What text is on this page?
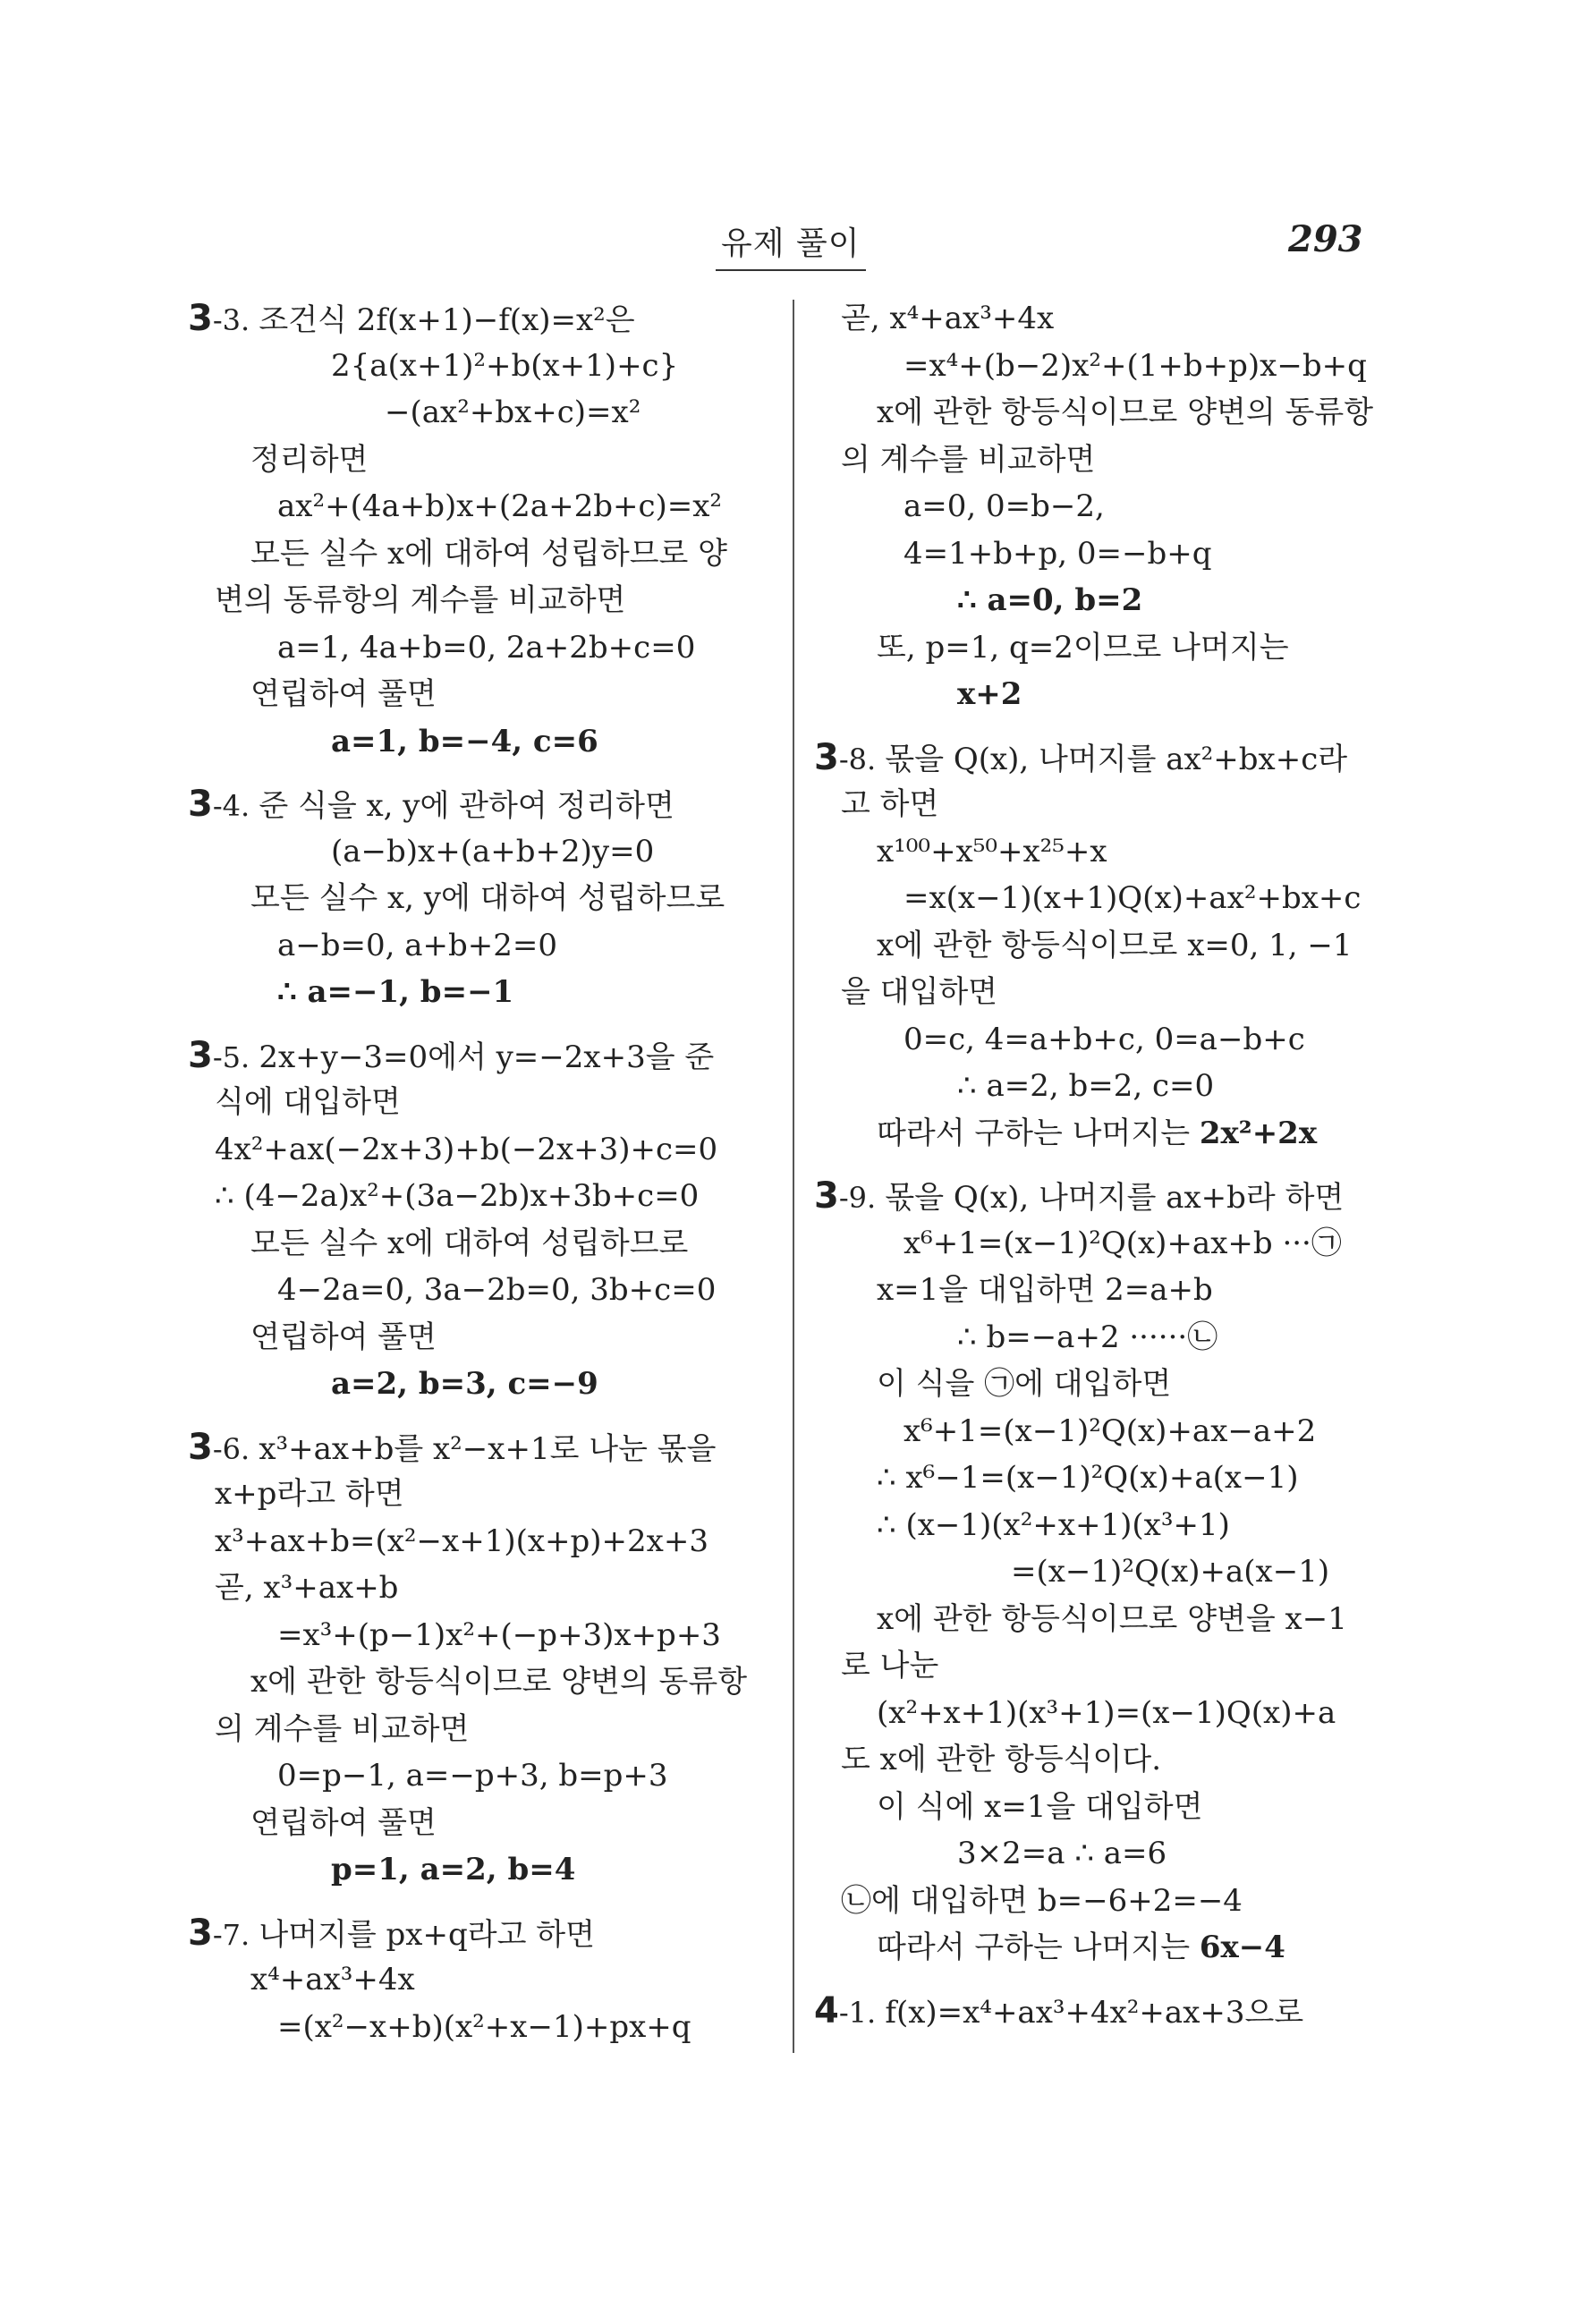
유제 풀이	293
3-3. 조건식 2f(x+1)−f(x)=x²은
2{a(x+1)²+b(x+1)+c}
−(ax²+bx+c)=x²
정리하면
ax²+(4a+b)x+(2a+2b+c)=x²
모든 실수 x에 대하여 성립하므로 양
변의 동류항의 계수를 비교하면
a=1, 4a+b=0, 2a+2b+c=0
연립하여 풀면
a=1, b=−4, c=6
3-4. 준 식을 x, y에 관하여 정리하면
(a−b)x+(a+b+2)y=0
모든 실수 x, y에 대하여 성립하므로
a−b=0, a+b+2=0
∴ a=−1, b=−1
3-5. 2x+y−3=0에서 y=−2x+3을 준
식에 대입하면
4x²+ax(−2x+3)+b(−2x+3)+c=0
∴ (4−2a)x²+(3a−2b)x+3b+c=0
모든 실수 x에 대하여 성립하므로
4−2a=0, 3a−2b=0, 3b+c=0
연립하여 풀면
a=2, b=3, c=−9
3-6. x³+ax+b를 x²−x+1로 나눈 몫을
x+p라고 하면
x³+ax+b=(x²−x+1)(x+p)+2x+3
곧, x³+ax+b
=x³+(p−1)x²+(−p+3)x+p+3
x에 관한 항등식이므로 양변의 동류항
의 계수를 비교하면
0=p−1, a=−p+3, b=p+3
연립하여 풀면
p=1, a=2, b=4
3-7. 나머지를 px+q라고 하면
x⁴+ax³+4x
=(x²−x+b)(x²+x−1)+px+q
곧, x⁴+ax³+4x
=x⁴+(b−2)x²+(1+b+p)x−b+q
x에 관한 항등식이므로 양변의 동류항
의 계수를 비교하면
a=0, 0=b−2,
4=1+b+p, 0=−b+q
∴ a=0, b=2
또, p=1, q=2이므로 나머지는
x+2
3-8. 몫을 Q(x), 나머지를 ax²+bx+c라
고 하면
x¹⁰⁰+x⁵⁰+x²⁵+x
=x(x−1)(x+1)Q(x)+ax²+bx+c
x에 관한 항등식이므로 x=0, 1, −1
을 대입하면
0=c, 4=a+b+c, 0=a−b+c
∴ a=2, b=2, c=0
따라서 구하는 나머지는 2x²+2x
3-9. 몫을 Q(x), 나머지를 ax+b라 하면
x⁶+1=(x−1)²Q(x)+ax+b ···㉠
x=1을 대입하면 2=a+b
∴ b=−a+2 ······㉡
이 식을 ㉠에 대입하면
x⁶+1=(x−1)²Q(x)+ax−a+2
∴ x⁶−1=(x−1)²Q(x)+a(x−1)
∴ (x−1)(x²+x+1)(x³+1)
=(x−1)²Q(x)+a(x−1)
x에 관한 항등식이므로 양변을 x−1
로 나눈
(x²+x+1)(x³+1)=(x−1)Q(x)+a
도 x에 관한 항등식이다.
이 식에 x=1을 대입하면
3×2=a ∴ a=6
㉡에 대입하면 b=−6+2=−4
따라서 구하는 나머지는 6x−4
4-1. f(x)=x⁴+ax³+4x²+ax+3으로
